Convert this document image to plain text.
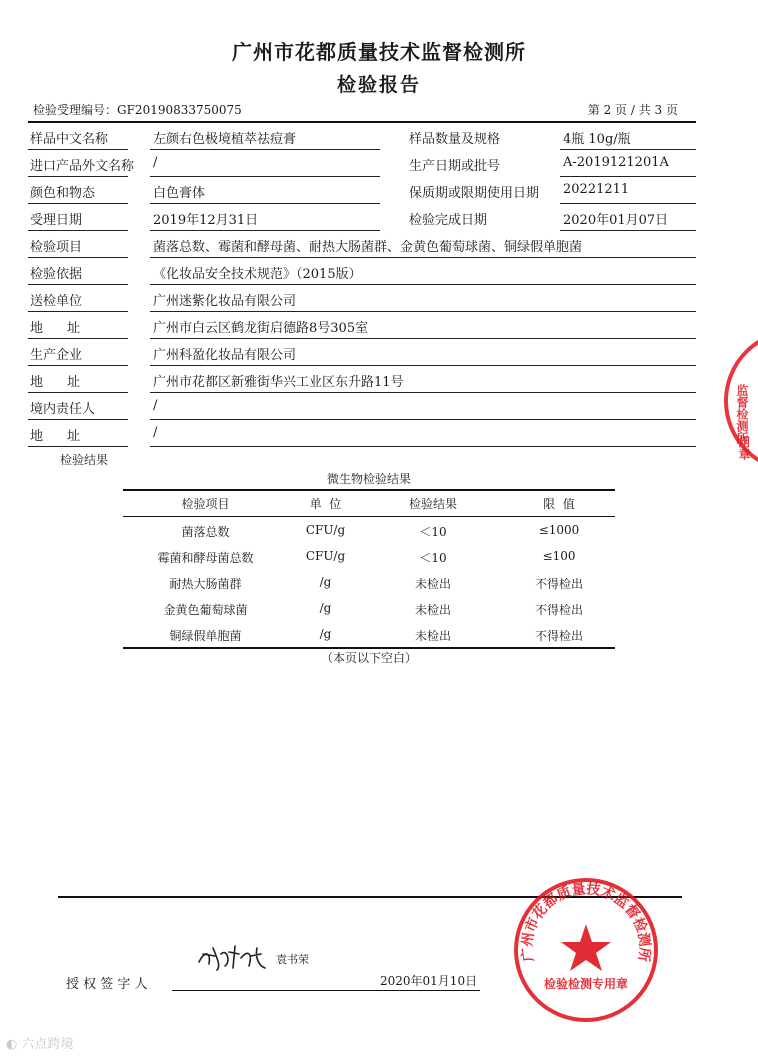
广州市花都质量技术监督检测所
检验报告
检验受理编号：GF20190833750075	第 2 页 / 共 3 页
样品中文名称	左颜右色极境植萃祛痘膏	样品数量及规格	4瓶 10g/瓶
进口产品外文名称 /	生产日期或批号	A-2019121201A
颜色和物态	白色膏体	保质期或限期使用日期 20221211
受理日期	2019年12月31日	检验完成日期	2020年01月07日
检验项目	菌落总数、霉菌和酵母菌、耐热大肠菌群、金黄色葡萄球菌、铜绿假单胞菌
检验依据	《化妆品安全技术规范》（2015版）
送检单位	广州迷紫化妆品有限公司
地址	广州市白云区鹤龙街启德路8号305室
生产企业	广州科盈化妆品有限公司
地址	广州市花都区新雅街华兴工业区东升路11号
境内责任人	/
地址	/
检验结果
微生物检验结果
检验项目	单  位	检验结果	限  值
菌落总数	CFU/g	＜10	≤1000
霉菌和酵母菌总数	CFU/g	＜10	≤100
耐热大肠菌群	/g	未检出	不得检出
金黄色葡萄球菌	/g	未检出	不得检出
铜绿假单胞菌	/g	未检出	不得检出
（本页以下空白）
授 权 签 字 人
袁书荣
2020年01月10日
广州市花都质量技术监督检测所
检验检测专用章
监督检测所
用章
◐ 六点跨境
